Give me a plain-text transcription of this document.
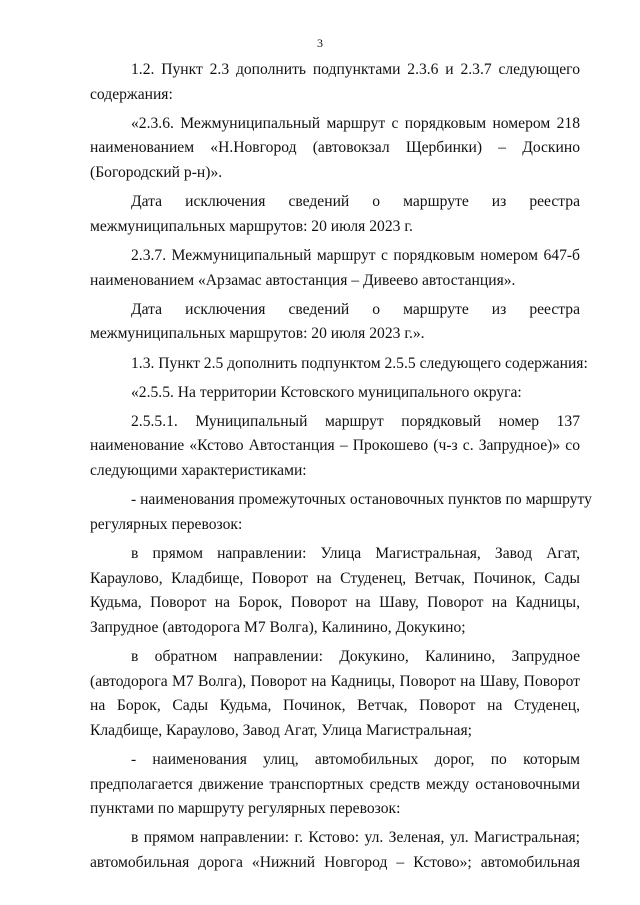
3
1.2. Пункт 2.3 дополнить подпунктами 2.3.6 и 2.3.7 следующего
содержания:
«2.3.6. Межмуниципальный маршрут с порядковым номером 218
наименованием «Н.Новгород (автовокзал Щербинки) – Доскино
(Богородский р-н)».
Дата исключения сведений о маршруте из реестра
межмуниципальных маршрутов: 20 июля 2023 г.
2.3.7. Межмуниципальный маршрут с порядковым номером 647-б
наименованием «Арзамас автостанция – Дивеево автостанция».
Дата исключения сведений о маршруте из реестра
межмуниципальных маршрутов: 20 июля 2023 г.».
1.3. Пункт 2.5 дополнить подпунктом 2.5.5 следующего содержания:
«2.5.5. На территории Кстовского муниципального округа:
2.5.5.1. Муниципальный маршрут порядковый номер 137
наименование «Кстово Автостанция – Прокошево (ч-з с. Запрудное)» со
следующими характеристиками:
- наименования промежуточных остановочных пунктов по маршруту
регулярных перевозок:
в прямом направлении: Улица Магистральная, Завод Агат,
Караулово, Кладбище, Поворот на Студенец, Ветчак, Починок, Сады
Кудьма, Поворот на Борок, Поворот на Шаву, Поворот на Кадницы,
Запрудное (автодорога М7 Волга), Калинино, Докукино;
в обратном направлении: Докукино, Калинино, Запрудное
(автодорога М7 Волга), Поворот на Кадницы, Поворот на Шаву, Поворот
на Борок, Сады Кудьма, Починок, Ветчак, Поворот на Студенец,
Кладбище, Караулово, Завод Агат, Улица Магистральная;
- наименования улиц, автомобильных дорог, по которым
предполагается движение транспортных средств между остановочными
пунктами по маршруту регулярных перевозок:
в прямом направлении: г. Кстово: ул. Зеленая, ул. Магистральная;
автомобильная дорога «Нижний Новгород – Кстово»; автомобильная
